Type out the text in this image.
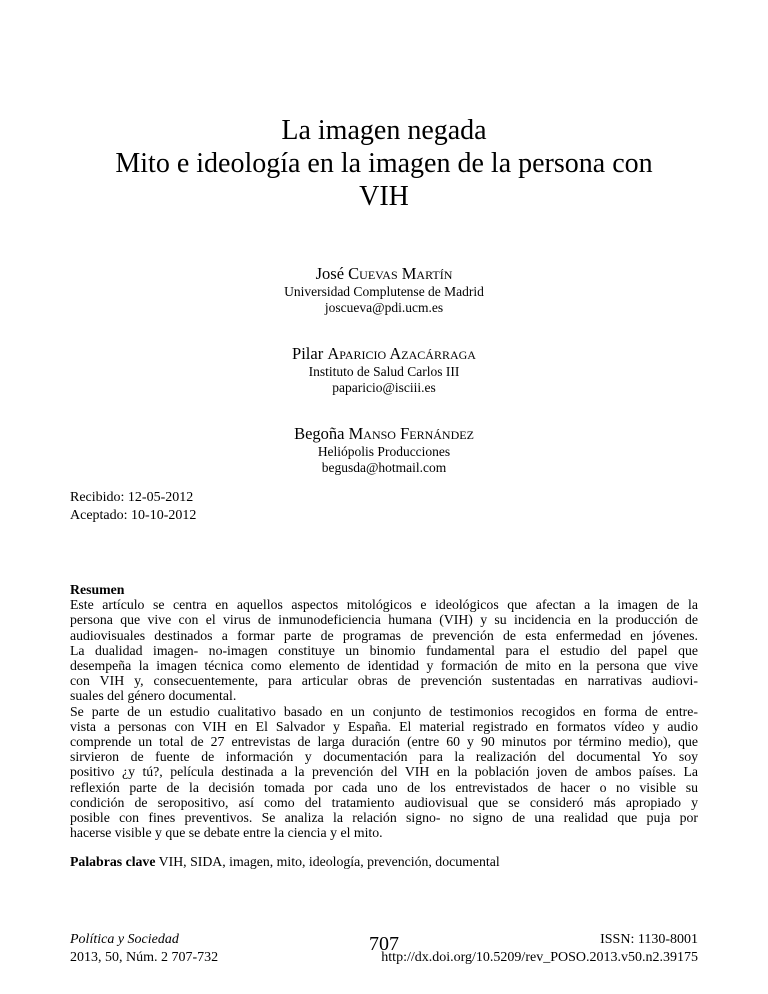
La imagen negada
Mito e ideología en la imagen de la persona con
VIH
José Cuevas Martín
Universidad Complutense de Madrid
joscueva@pdi.ucm.es
Pilar Aparicio Azacárraga
Instituto de Salud Carlos III
paparicio@isciii.es
Begoña Manso Fernández
Heliópolis Producciones
begusda@hotmail.com
Recibido: 12-05-2012
Aceptado: 10-10-2012
Resumen
Este artículo se centra en aquellos aspectos mitológicos e ideológicos que afectan a la imagen de la
persona que vive con el virus de inmunodeficiencia humana (VIH) y su incidencia en la producción de
audiovisuales destinados a formar parte de programas de prevención de esta enfermedad en jóvenes.
La dualidad imagen- no-imagen constituye un binomio fundamental para el estudio del papel que
desempeña la imagen técnica como elemento de identidad y formación de mito en la persona que vive
con VIH y, consecuentemente, para articular obras de prevención sustentadas en narrativas audiovi-
suales del género documental.
Se parte de un estudio cualitativo basado en un conjunto de testimonios recogidos en forma de entre-
vista a personas con VIH en El Salvador y España. El material registrado en formatos vídeo y audio
comprende un total de 27 entrevistas de larga duración (entre 60 y 90 minutos por término medio), que
sirvieron de fuente de información y documentación para la realización del documental Yo soy
positivo ¿y tú?, película destinada a la prevención del VIH en la población joven de ambos países. La
reflexión parte de la decisión tomada por cada uno de los entrevistados de hacer o no visible su
condición de seropositivo, así como del tratamiento audiovisual que se consideró más apropiado y
posible con fines preventivos. Se analiza la relación signo- no signo de una realidad que puja por
hacerse visible y que se debate entre la ciencia y el mito.
Palabras clave VIH, SIDA, imagen, mito, ideología, prevención, documental
Política y Sociedad
2013, 50, Núm. 2 707-732
707	ISSN: 1130-8001
http://dx.doi.org/10.5209/rev_POSO.2013.v50.n2.39175
